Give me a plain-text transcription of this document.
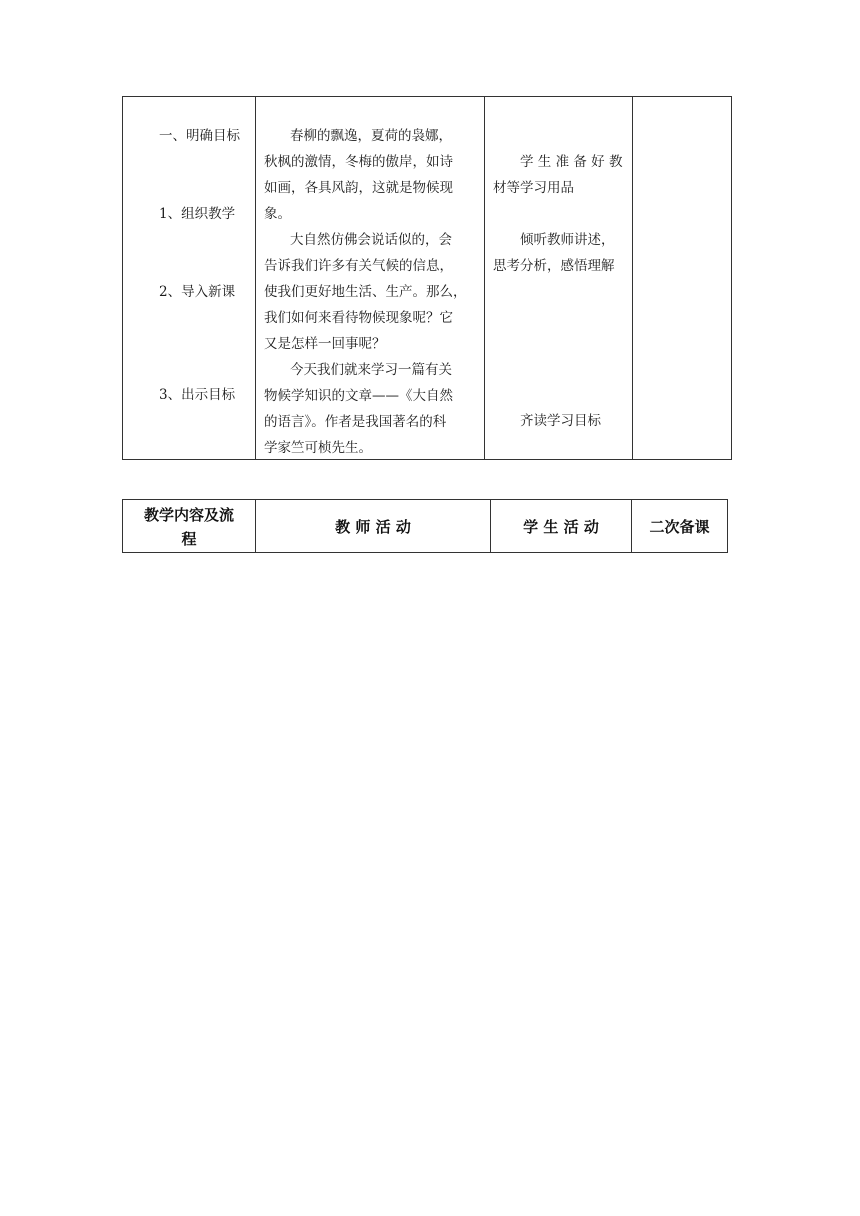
一、明确目标
1、组织教学
2、导入新课
3、出示目标
春柳的飘逸，夏荷的袅娜，
秋枫的激情，冬梅的傲岸，如诗
如画，各具风韵，这就是物候现
象。
大自然仿佛会说话似的，会
告诉我们许多有关气候的信息，
使我们更好地生活、生产。那么，
我们如何来看待物候现象呢？它
又是怎样一回事呢？
今天我们就来学习一篇有关
物候学知识的文章——《大自然
的语言》。作者是我国著名的科
学家竺可桢先生。
学 生 准 备 好 教
材等学习用品
倾听教师讲述，
思考分析，感悟理解
齐读学习目标
教学内容及流
程
教 师 活 动	学 生 活 动	二次备课
